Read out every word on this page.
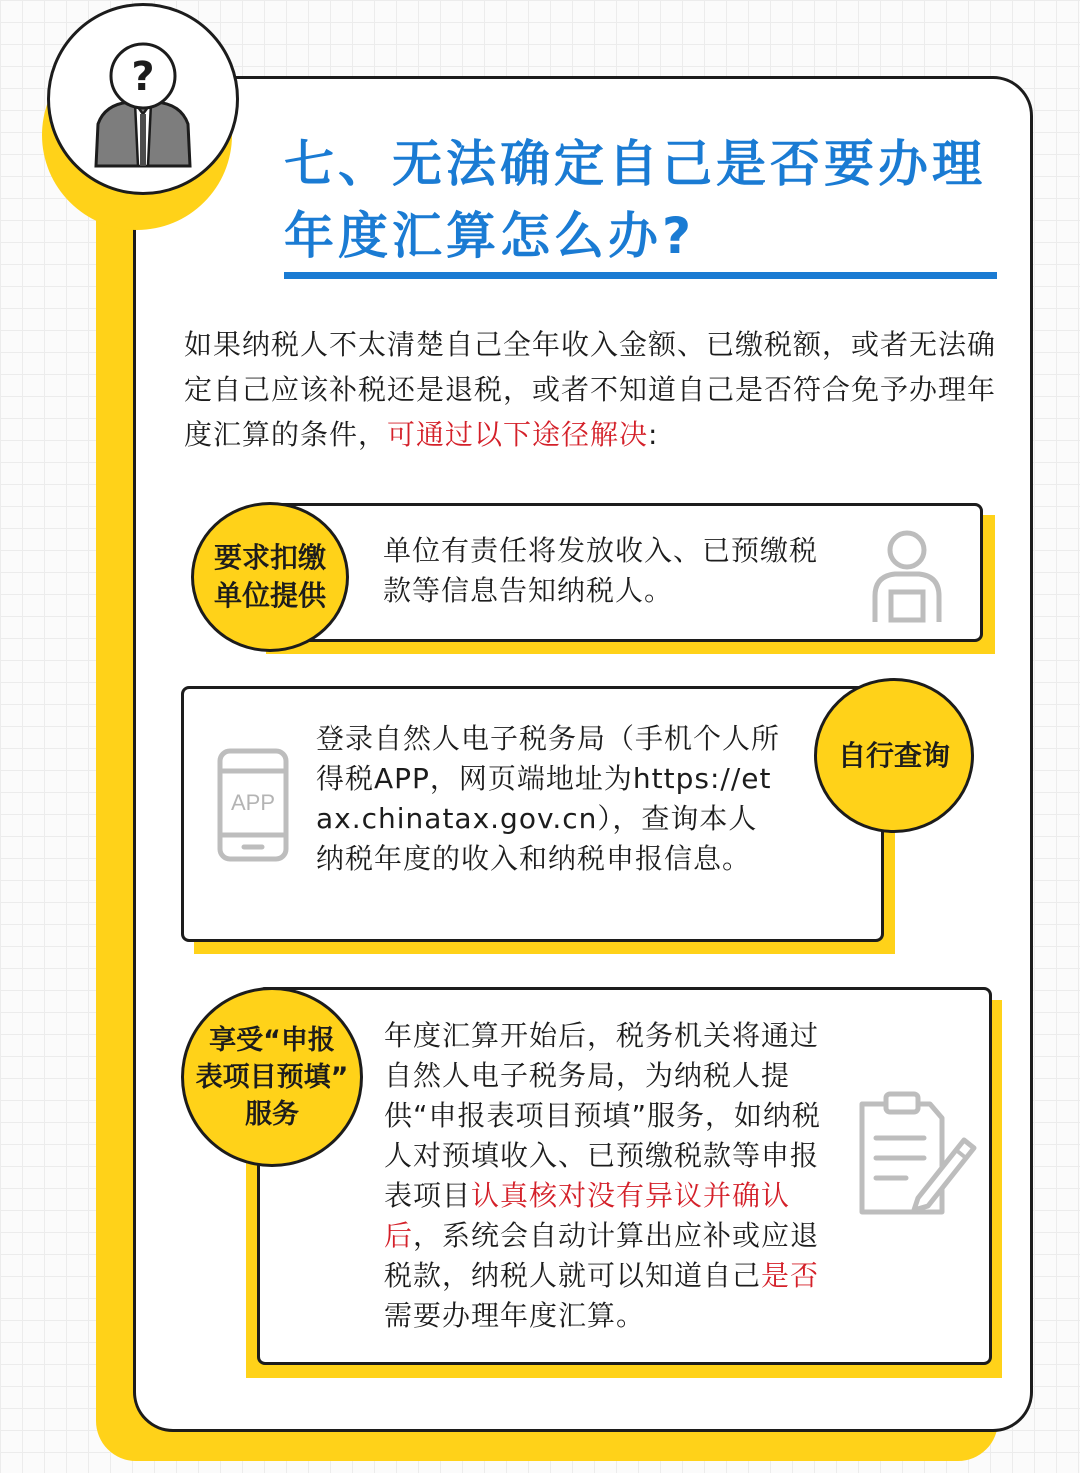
?
七、无法确定自己是否要办理年度汇算怎么办?

如果纳税人不太清楚自己全年收入金额、已缴税额，或者无法确定自己应该补税还是退税，或者不知道自己是否符合免予办理年度汇算的条件，可通过以下途径解决:

单位有责任将发放收入、已预缴税款等信息告知纳税人。

要求扣缴
单位提供
APP

登录自然人电子税务局（手机个人所得税APP，网页端地址为https://etax.chinatax.gov.cn），查询本人纳税年度的收入和纳税申报信息。

自行查询

年度汇算开始后，税务机关将通过自然人电子税务局，为纳税人提供“申报表项目预填”服务，如纳税人对预填收入、已预缴税款等申报表项目认真核对没有异议并确认后，系统会自动计算出应补或应退税款，纳税人就可以知道自己是否需要办理年度汇算。

享受“申报
表项目预填”
服务
